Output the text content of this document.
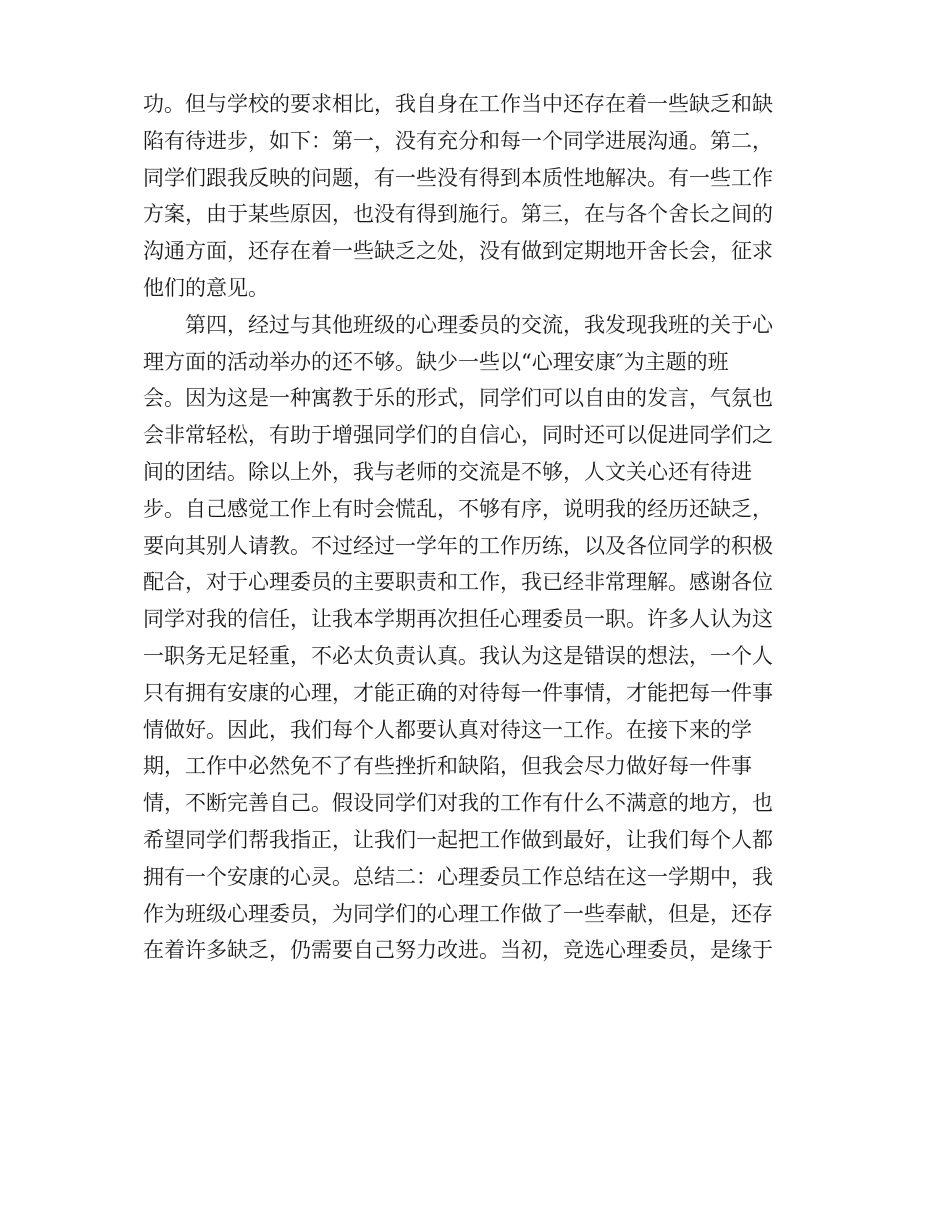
功。但与学校的要求相比，我自身在工作当中还存在着一些缺乏和缺
陷有待进步，如下：第一，没有充分和每一个同学进展沟通。第二，
同学们跟我反映的问题，有一些没有得到本质性地解决。有一些工作
方案，由于某些原因，也没有得到施行。第三，在与各个舍长之间的
沟通方面，还存在着一些缺乏之处，没有做到定期地开舍长会，征求
他们的意见。
第四，经过与其他班级的心理委员的交流，我发现我班的关于心
理方面的活动举办的还不够。缺少一些以“心理安康″为主题的班
会。因为这是一种寓教于乐的形式，同学们可以自由的发言，气氛也
会非常轻松，有助于增强同学们的自信心，同时还可以促进同学们之
间的团结。除以上外，我与老师的交流是不够，人文关心还有待进
步。自己感觉工作上有时会慌乱，不够有序，说明我的经历还缺乏，
要向其别人请教。不过经过一学年的工作历练，以及各位同学的积极
配合，对于心理委员的主要职责和工作，我已经非常理解。感谢各位
同学对我的信任，让我本学期再次担任心理委员一职。许多人认为这
一职务无足轻重，不必太负责认真。我认为这是错误的想法，一个人
只有拥有安康的心理，才能正确的对待每一件事情，才能把每一件事
情做好。因此，我们每个人都要认真对待这一工作。在接下来的学
期，工作中必然免不了有些挫折和缺陷，但我会尽力做好每一件事
情，不断完善自己。假设同学们对我的工作有什么不满意的地方，也
希望同学们帮我指正，让我们一起把工作做到最好，让我们每个人都
拥有一个安康的心灵。总结二：心理委员工作总结在这一学期中，我
作为班级心理委员，为同学们的心理工作做了一些奉献，但是，还存
在着许多缺乏，仍需要自己努力改进。当初，竞选心理委员，是缘于
